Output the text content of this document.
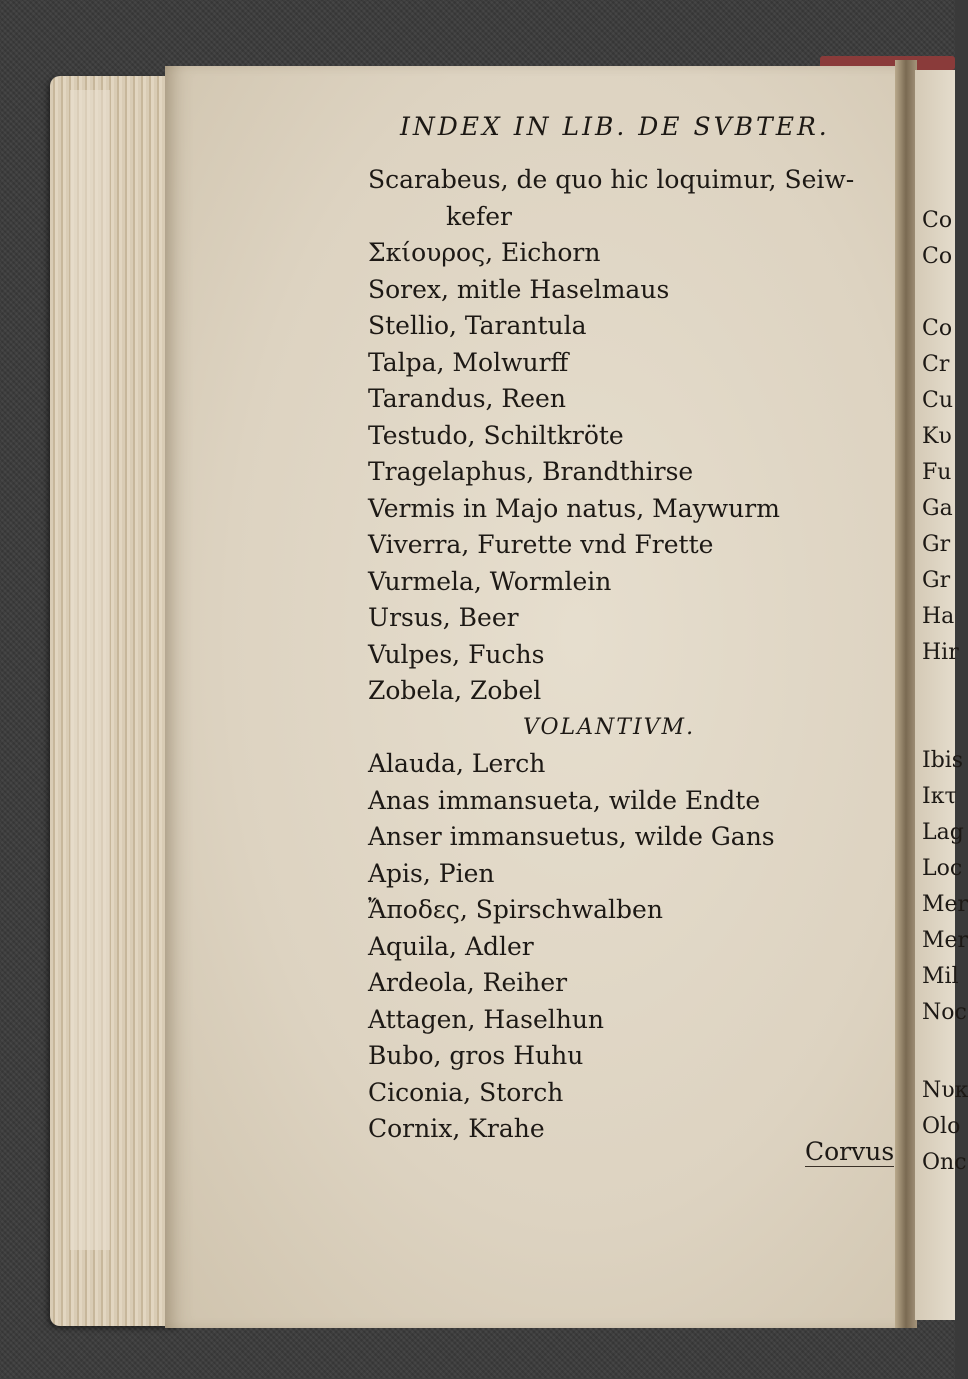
Co
Co
Co
Cr
Cu
Κυ
Fu
Ga
Gr
Gr
Ha
Hir
Ibis
Ικτ
Lag
Loc
Mer
Mer
Mil
Noc
Nυκ
Olo
Onc
INDEX IN LIB. DE SVBTER.
Scarabeus, de quo hic loquimur, Seiw-
kefer
Σκίουρος, Eichorn
Sorex, mitle Haselmaus
Stellio, Tarantula
Talpa, Molwurff
Tarandus, Reen
Testudo, Schiltkröte
Tragelaphus, Brandthirse
Vermis in Majo natus, Maywurm
Viverra, Furette vnd Frette
Vurmela, Wormlein
Ursus, Beer
Vulpes, Fuchs
Zobela, Zobel
VOLANTIVM.
Alauda, Lerch
Anas immansueta, wilde Endte
Anser immansuetus, wilde Gans
Apis, Pien
Ἄποδες, Spirschwalben
Aquila, Adler
Ardeola, Reiher
Attagen, Haselhun
Bubo, gros Huhu
Ciconia, Storch
Cornix, Krahe
Corvus
